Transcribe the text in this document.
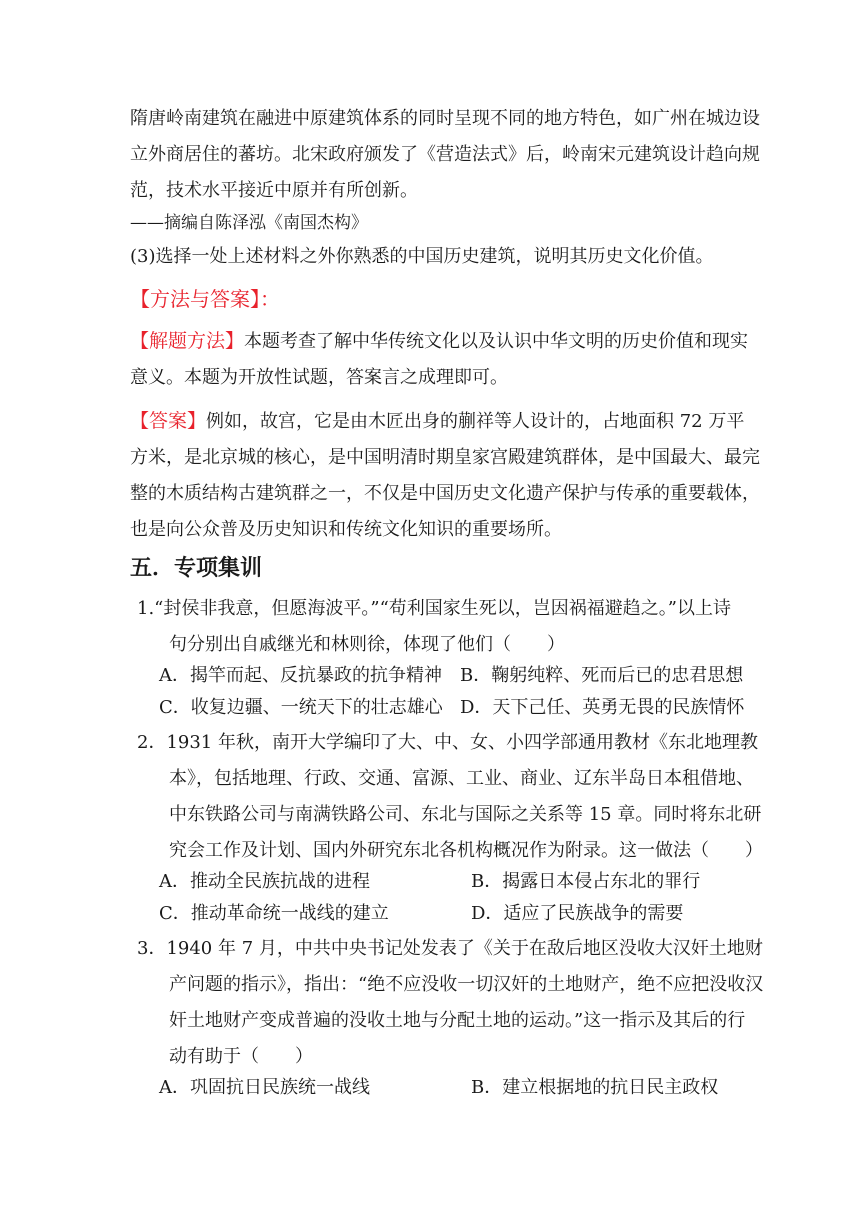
隋唐岭南建筑在融进中原建筑体系的同时呈现不同的地方特色，如广州在城边设
立外商居住的蕃坊。北宋政府颁发了《营造法式》后，岭南宋元建筑设计趋向规
范，技术水平接近中原并有所创新。
——摘编自陈泽泓《南国杰构》
(3)选择一处上述材料之外你熟悉的中国历史建筑，说明其历史文化价值。
【方法与答案】：
【解题方法】本题考查了解中华传统文化以及认识中华文明的历史价值和现实
意义。本题为开放性试题，答案言之成理即可。
【答案】例如，故宫，它是由木匠出身的蒯祥等人设计的，占地面积 72 万平
方米，是北京城的核心，是中国明清时期皇家宫殿建筑群体，是中国最大、最完
整的木质结构古建筑群之一，不仅是中国历史文化遗产保护与传承的重要载体，
也是向公众普及历史知识和传统文化知识的重要场所。
五．专项集训
1.“封侯非我意，但愿海波平。”“苟利国家生死以，岂因祸福避趋之。”以上诗
句分别出自戚继光和林则徐，体现了他们（　　）
A．揭竿而起、反抗暴政的抗争精神 B．鞠躬纯粹、死而后已的忠君思想
C．收复边疆、一统天下的壮志雄心 D．天下己任、英勇无畏的民族情怀
2．1931 年秋，南开大学编印了大、中、女、小四学部通用教材《东北地理教
本》，包括地理、行政、交通、富源、工业、商业、辽东半岛日本租借地、
中东铁路公司与南满铁路公司、东北与国际之关系等 15 章。同时将东北研
究会工作及计划、国内外研究东北各机构概况作为附录。这一做法（　　）
A．推动全民族抗战的进程	B．揭露日本侵占东北的罪行
C．推动革命统一战线的建立	D．适应了民族战争的需要
3．1940 年 7 月，中共中央书记处发表了《关于在敌后地区没收大汉奸土地财
产问题的指示》，指出：“绝不应没收一切汉奸的土地财产，绝不应把没收汉
奸土地财产变成普遍的没收土地与分配土地的运动。”这一指示及其后的行
动有助于（　　）
A．巩固抗日民族统一战线	B．建立根据地的抗日民主政权
